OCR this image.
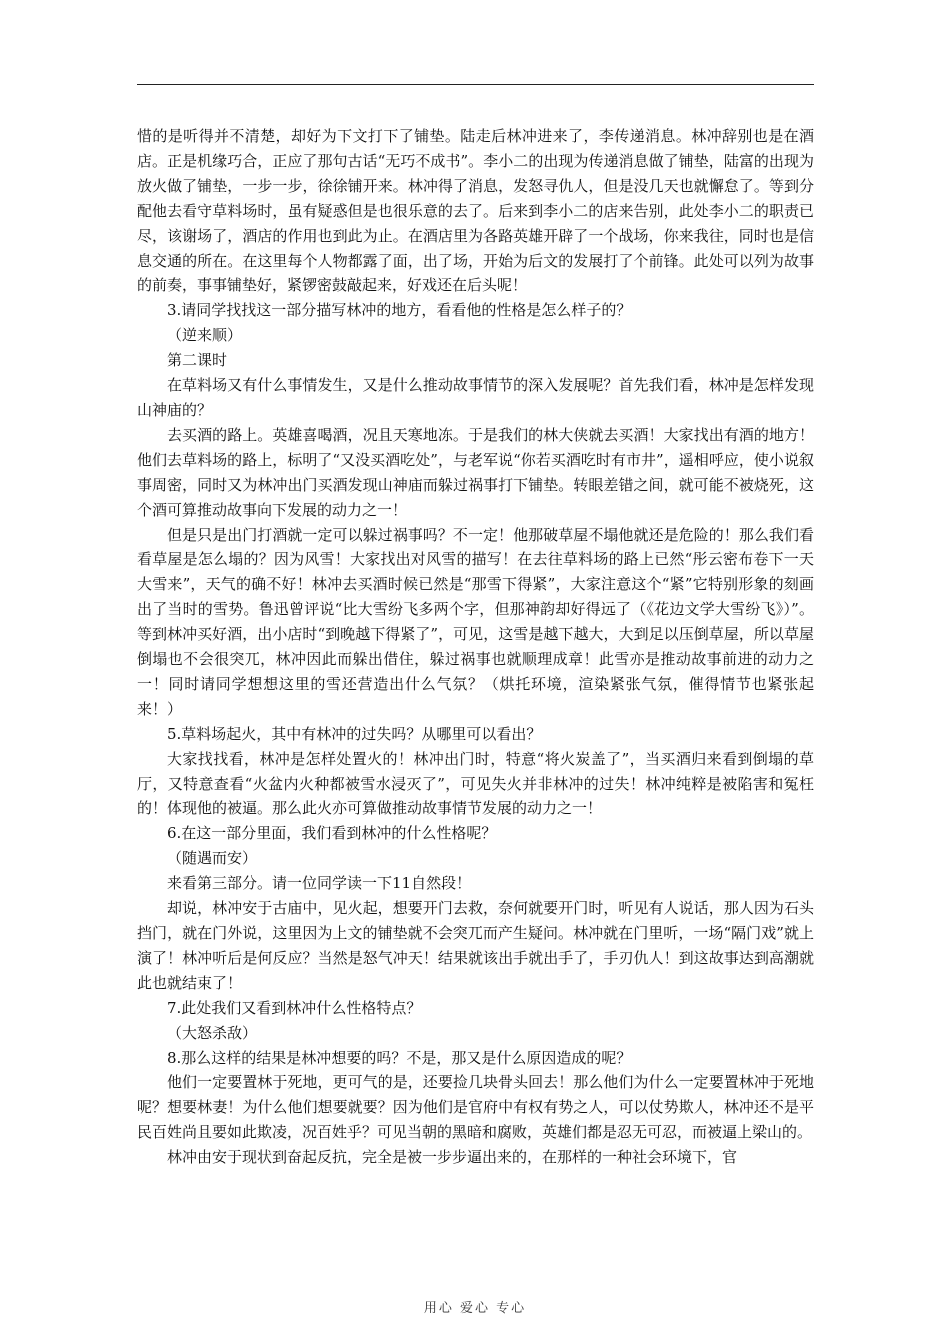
惜的是听得并不清楚，却好为下文打下了铺垫。陆走后林冲进来了，李传递消息。林冲辞别也是在酒店。正是机缘巧合，正应了那句古话“无巧不成书”。李小二的出现为传递消息做了铺垫，陆富的出现为放火做了铺垫，一步一步，徐徐铺开来。林冲得了消息，发怒寻仇人，但是没几天也就懈怠了。等到分配他去看守草料场时，虽有疑惑但是也很乐意的去了。后来到李小二的店来告别，此处李小二的职责已尽，该谢场了，酒店的作用也到此为止。在酒店里为各路英雄开辟了一个战场，你来我往，同时也是信息交通的所在。在这里每个人物都露了面，出了场，开始为后文的发展打了个前锋。此处可以列为故事的前奏，事事铺垫好，紧锣密鼓敲起来，好戏还在后头呢！

3.请同学找找这一部分描写林冲的地方，看看他的性格是怎么样子的？

（逆来顺）

第二课时

在草料场又有什么事情发生，又是什么推动故事情节的深入发展呢？首先我们看，林冲是怎样发现山神庙的？

去买酒的路上。英雄喜喝酒，况且天寒地冻。于是我们的林大侠就去买酒！大家找出有酒的地方！他们去草料场的路上，标明了“又没买酒吃处”，与老军说“你若买酒吃时有市井”，遥相呼应，使小说叙事周密，同时又为林冲出门买酒发现山神庙而躲过祸事打下铺垫。转眼差错之间，就可能不被烧死，这个酒可算推动故事向下发展的动力之一！

但是只是出门打酒就一定可以躲过祸事吗？不一定！他那破草屋不塌他就还是危险的！那么我们看看草屋是怎么塌的？因为风雪！大家找出对风雪的描写！在去往草料场的路上已然“彤云密布卷下一天大雪来”，天气的确不好！林冲去买酒时候已然是“那雪下得紧”，大家注意这个“紧”它特别形象的刻画出了当时的雪势。鲁迅曾评说“比大雪纷飞多两个字，但那神韵却好得远了（《花边文学大雪纷飞》）”。等到林冲买好酒，出小店时“到晚越下得紧了”，可见，这雪是越下越大，大到足以压倒草屋，所以草屋倒塌也不会很突兀，林冲因此而躲出借住，躲过祸事也就顺理成章！此雪亦是推动故事前进的动力之一！同时请同学想想这里的雪还营造出什么气氛？（烘托环境，渲染紧张气氛，催得情节也紧张起来！）

5.草料场起火，其中有林冲的过失吗？从哪里可以看出？

大家找找看，林冲是怎样处置火的！林冲出门时，特意“将火炭盖了”，当买酒归来看到倒塌的草厅，又特意查看“火盆内火种都被雪水浸灭了”，可见失火并非林冲的过失！林冲纯粹是被陷害和冤枉的！体现他的被逼。那么此火亦可算做推动故事情节发展的动力之一！

6.在这一部分里面，我们看到林冲的什么性格呢？

（随遇而安）

来看第三部分。请一位同学读一下11自然段！

却说，林冲安于古庙中，见火起，想要开门去救，奈何就要开门时，听见有人说话，那人因为石头挡门，就在门外说，这里因为上文的铺垫就不会突兀而产生疑问。林冲就在门里听，一场“隔门戏”就上演了！林冲听后是何反应？当然是怒气冲天！结果就该出手就出手了，手刃仇人！到这故事达到高潮就此也就结束了！

7.此处我们又看到林冲什么性格特点？

（大怒杀敌）

8.那么这样的结果是林冲想要的吗？不是，那又是什么原因造成的呢？

他们一定要置林于死地，更可气的是，还要捡几块骨头回去！那么他们为什么一定要置林冲于死地呢？想要林妻！为什么他们想要就要？因为他们是官府中有权有势之人，可以仗势欺人，林冲还不是平民百姓尚且要如此欺凌，况百姓乎？可见当朝的黑暗和腐败，英雄们都是忍无可忍，而被逼上梁山的。

林冲由安于现状到奋起反抗，完全是被一步步逼出来的，在那样的一种社会环境下，官

用心 爱心 专心
